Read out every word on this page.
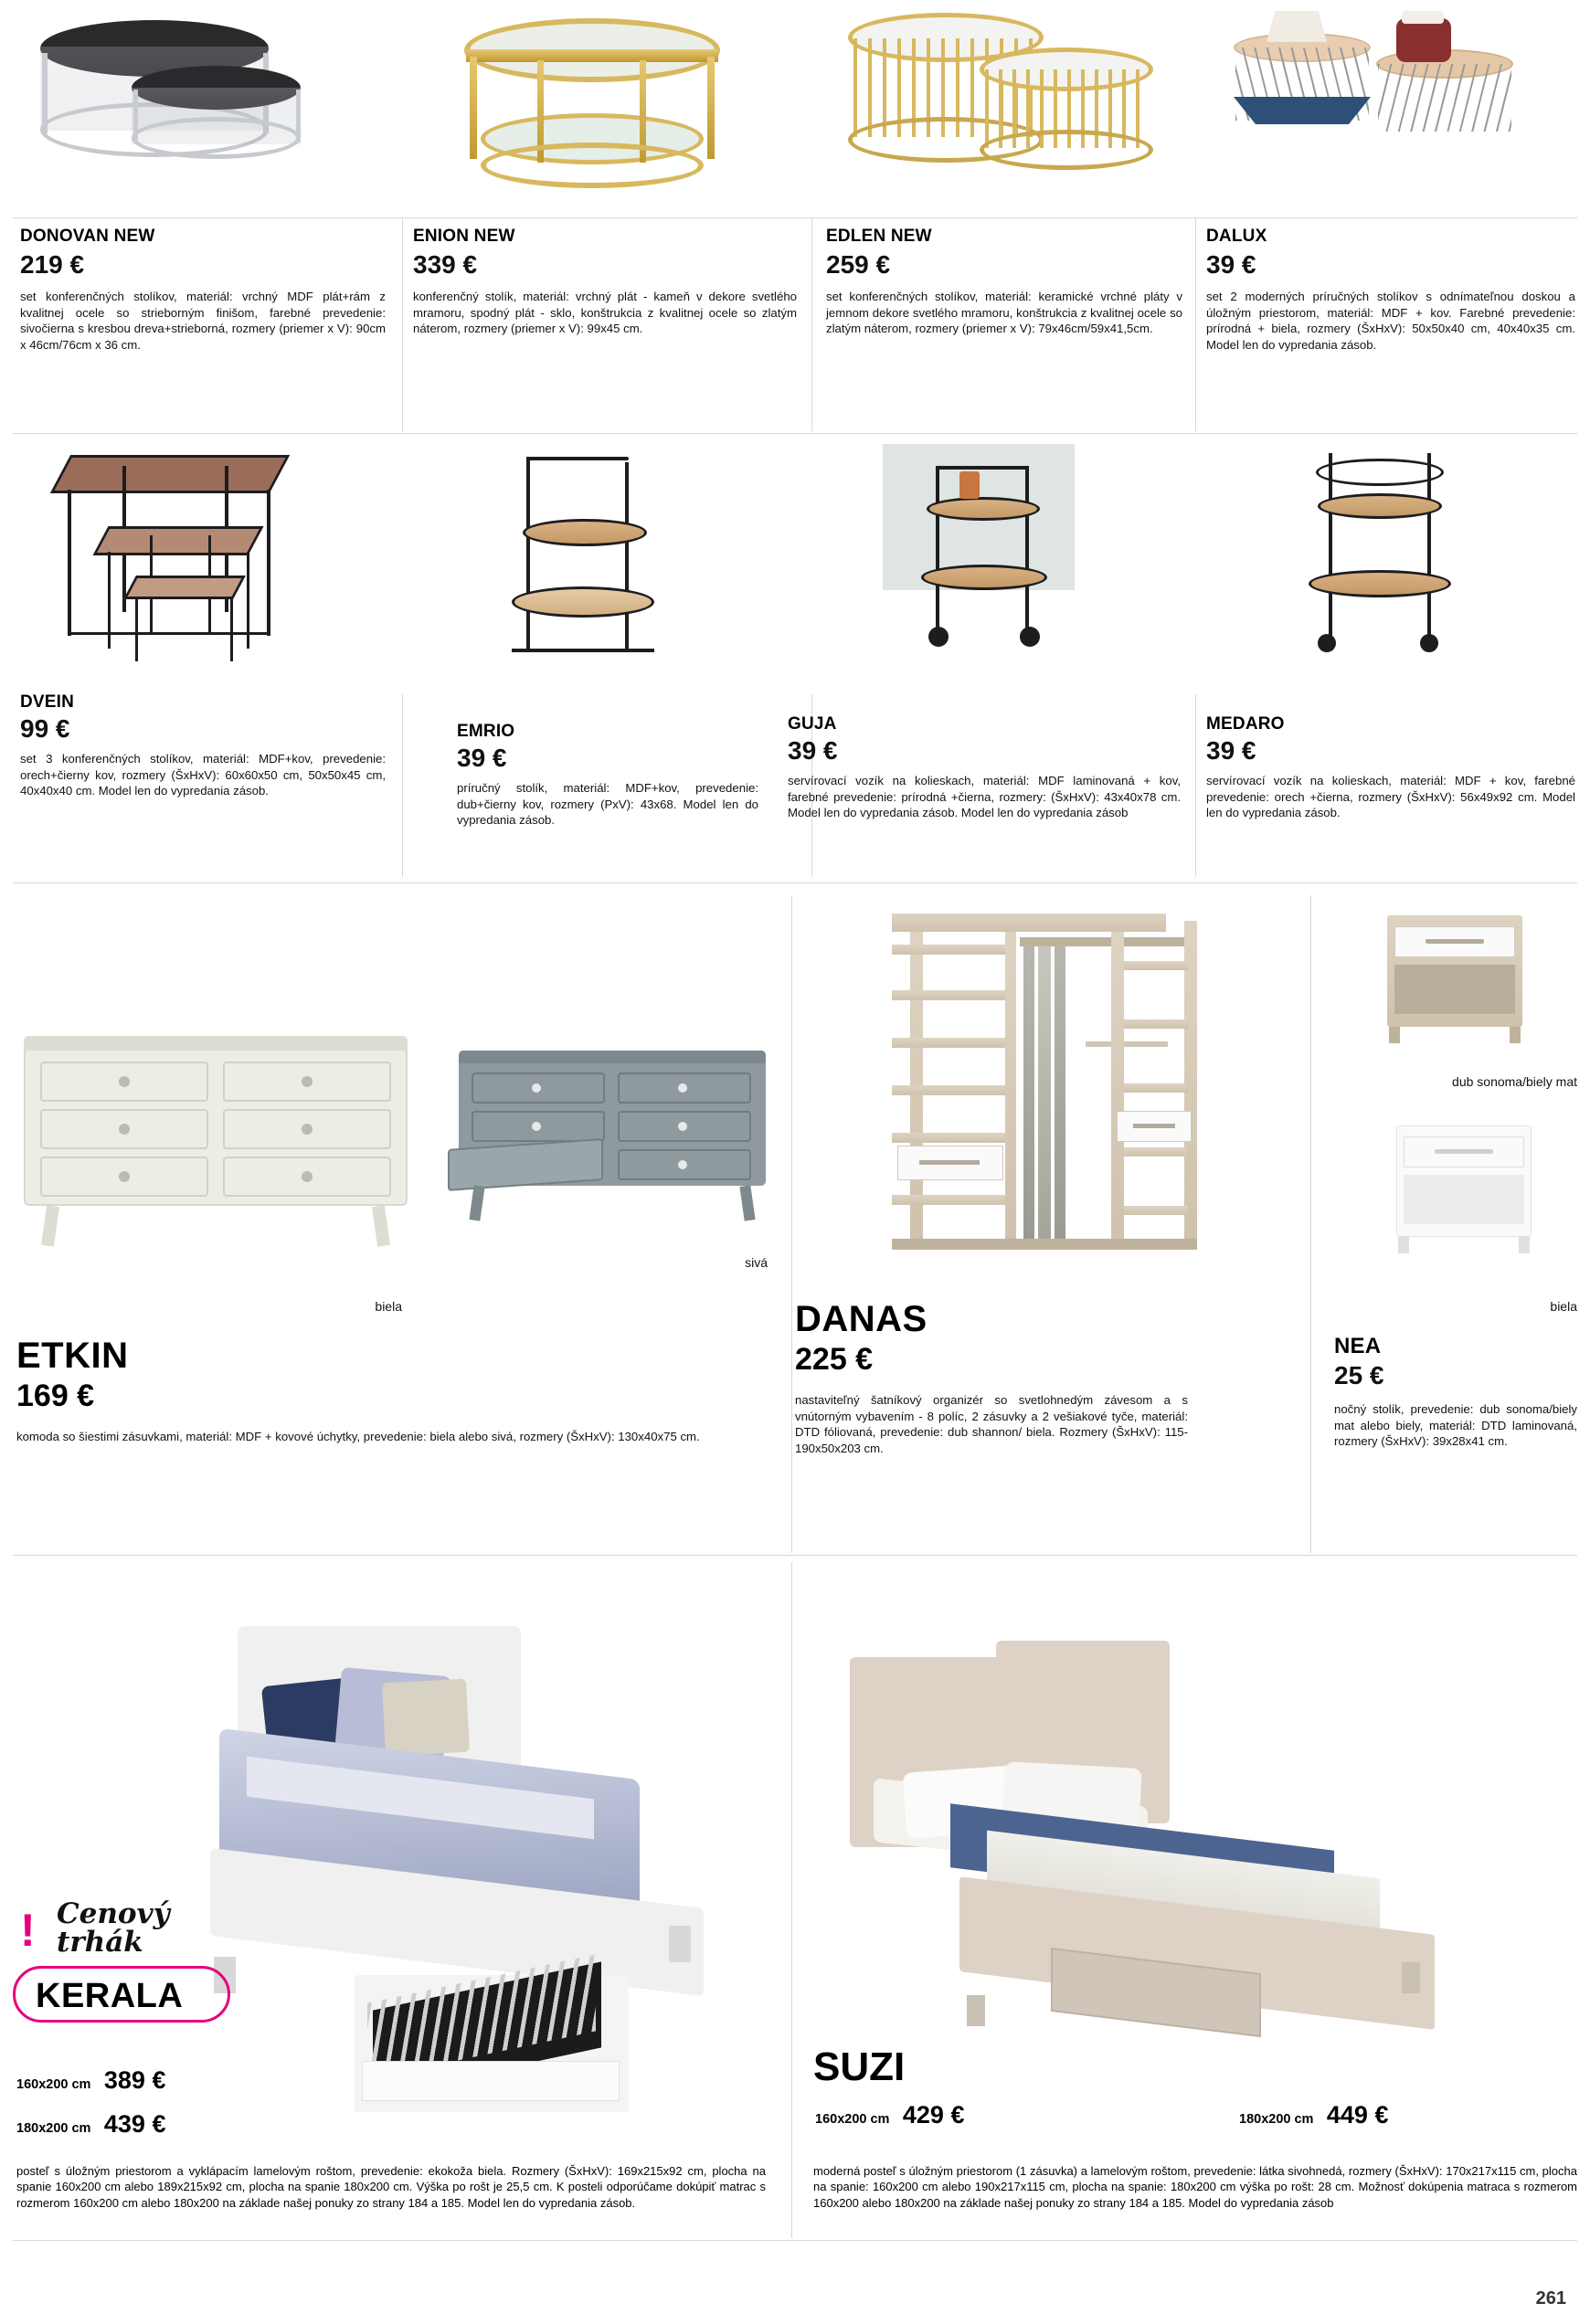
DONOVAN NEW
219 €
set konferenčných stolíkov, materiál: vrchný MDF plát+rám z kvalitnej ocele so strieborným finišom, farebné prevedenie: sivočierna s kresbou dreva+strieborná, rozmery (priemer x V): 90cm x 46cm/76cm x 36 cm.
ENION NEW
339 €
konferenčný stolík, materiál: vrchný plát - kameň v dekore svetlého mramoru, spodný plát - sklo, konštrukcia z kvalitnej ocele so zlatým náterom, rozmery (priemer x V): 99x45 cm.
EDLEN NEW
259 €
set konferenčných stolíkov, materiál: keramické vrchné pláty v jemnom dekore svetlého mramoru, konštrukcia z kvalitnej ocele so zlatým náterom, rozmery (priemer x V): 79x46cm/59x41,5cm.
DALUX
39 €
set 2 moderných príručných stolíkov s odnímateľnou doskou a úložným priestorom, materiál: MDF + kov. Farebné prevedenie: prírodná + biela, rozmery (ŠxHxV): 50x50x40 cm, 40x40x35 cm. Model len do vypredania zásob.
DVEIN
99 €
set 3 konferenčných stolíkov, materiál: MDF+kov, prevedenie: orech+čierny kov, rozmery (ŠxHxV): 60x60x50 cm, 50x50x45 cm, 40x40x40 cm. Model len do vypredania zásob.
EMRIO
39 €
príručný stolík, materiál: MDF+kov, prevedenie: dub+čierny kov, rozmery (PxV): 43x68. Model len do vypredania zásob.
GUJA
39 €
servírovací vozík na kolieskach, materiál: MDF laminovaná + kov, farebné prevedenie: prírodná +čierna, rozmery: (ŠxHxV): 43x40x78 cm. Model len do vypredania zásob. Model len do vypredania zásob
MEDARO
39 €
servírovací vozík na kolieskach, materiál: MDF + kov, farebné prevedenie: orech +čierna, rozmery (ŠxHxV): 56x49x92 cm. Model len do vypredania zásob.
sivá
biela
ETKIN
169 €
komoda so šiestimi zásuvkami, materiál: MDF + kovové úchytky, prevedenie: biela alebo sivá, rozmery (ŠxHxV): 130x40x75 cm.
DANAS
225 €
nastaviteľný šatníkový organizér so svetlohnedým závesom a s vnútorným vybavením - 8 políc, 2 zásuvky a 2 vešiakové tyče, materiál: DTD fóliovaná, prevedenie: dub shannon/ biela. Rozmery (ŠxHxV): 115-190x50x203 cm.
dub sonoma/biely mat
biela
NEA
25 €
nočný stolík, prevedenie: dub sonoma/biely mat alebo biely, materiál: DTD laminovaná, rozmery (ŠxHxV): 39x28x41 cm.
! Cenový
trhák
KERALA
160x200 cm 389 €
180x200 cm 439 €
posteľ s úložným priestorom a vyklápacím lamelovým roštom, prevedenie: ekokoža biela. Rozmery (ŠxHxV): 169x215x92 cm, plocha na spanie 160x200 cm alebo 189x215x92 cm, plocha na spanie 180x200 cm. Výška po rošt je 25,5 cm. K posteli odporúčame dokúpiť matrac s rozmerom 160x200 cm alebo 180x200 na základe našej ponuky zo strany 184 a 185. Model len do vypredania zásob.
SUZI
160x200 cm 429 €	180x200 cm 449 €
moderná posteľ s úložným priestorom (1 zásuvka) a lamelovým roštom, prevedenie: látka sivohnedá, rozmery (ŠxHxV): 170x217x115 cm, plocha na spanie: 160x200 cm alebo 190x217x115 cm, plocha na spanie: 180x200 cm výška po rošt: 28 cm. Možnosť dokúpenia matraca s rozmerom 160x200 alebo 180x200 na základe našej ponuky zo strany 184 a 185. Model do vypredania zásob
261
